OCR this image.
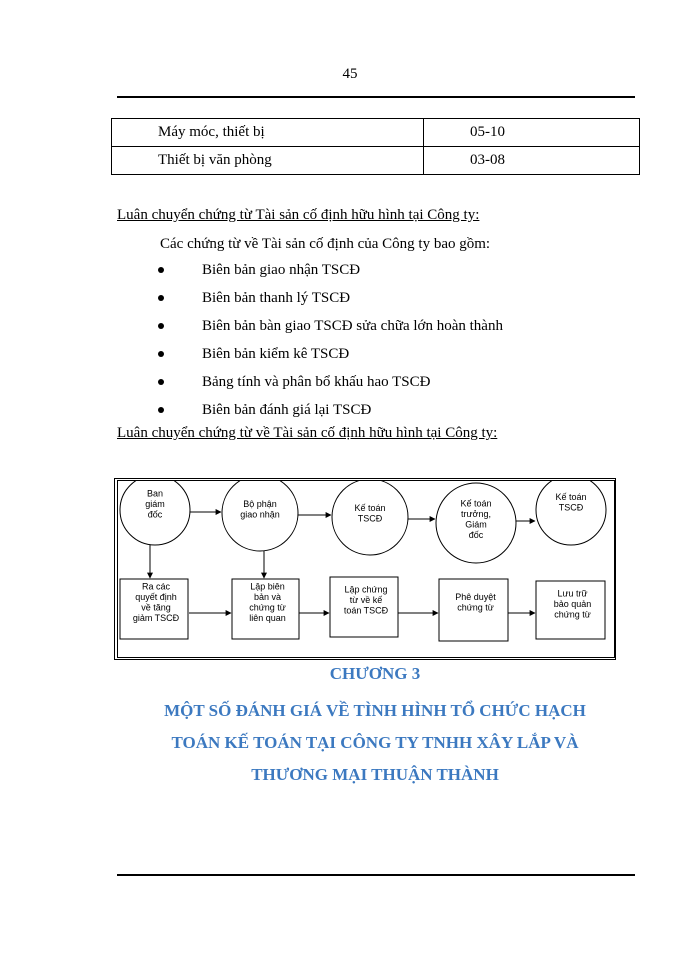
45
Máy móc, thiết bị	05-10
Thiết bị văn phòng	03-08
Luân chuyển chứng từ Tài sản cố định hữu hình tại Công ty:
Các chứng từ về Tài sản cố định của Công ty bao gồm:
Biên bản giao nhận TSCĐ
Biên bản thanh lý TSCĐ
Biên bản bàn giao TSCĐ sửa chữa lớn hoàn thành
Biên bản kiểm kê TSCĐ
Bảng tính và phân bổ khấu hao TSCĐ
Biên bản đánh giá lại TSCĐ
Luân chuyển chứng từ về Tài sản cố định hữu hình tại Công ty:
Ban giám đốc
Bộ phận giao nhận
Kế toán TSCĐ
Kế toán trưởng, Giám đốc
Kế toán TSCĐ
Ra các quyết định về tăng giảm TSCĐ
Lập biên bản và chứng từ liên quan
Lập chứng từ về kế toán TSCĐ
Phê duyệt chứng từ
Lưu trữ bảo quản chứng từ
CHƯƠNG 3
MỘT SỐ ĐÁNH GIÁ VỀ TÌNH HÌNH TỔ CHỨC HẠCH
TOÁN KẾ TOÁN TẠI CÔNG TY TNHH XÂY LẮP VÀ
THƯƠNG MẠI THUẬN THÀNH
